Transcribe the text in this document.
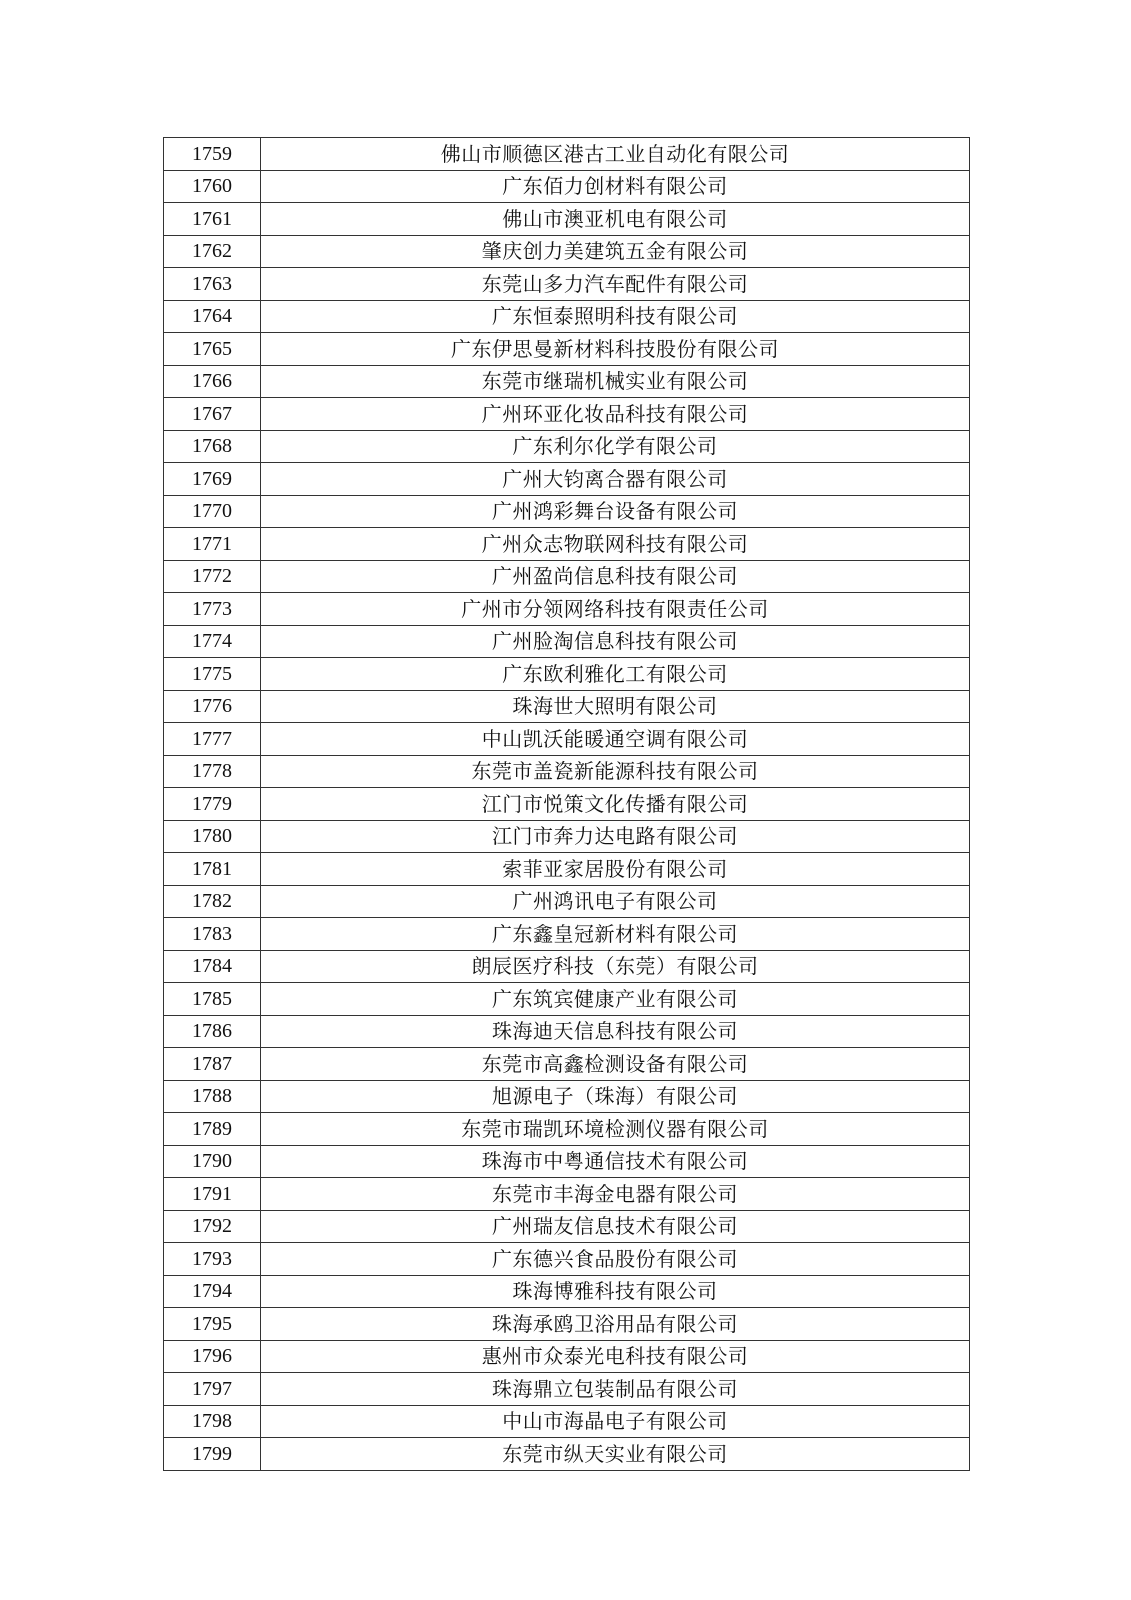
1759	佛山市顺德区港古工业自动化有限公司
1760	广东佰力创材料有限公司
1761	佛山市澳亚机电有限公司
1762	肇庆创力美建筑五金有限公司
1763	东莞山多力汽车配件有限公司
1764	广东恒泰照明科技有限公司
1765	广东伊思曼新材料科技股份有限公司
1766	东莞市继瑞机械实业有限公司
1767	广州环亚化妆品科技有限公司
1768	广东利尔化学有限公司
1769	广州大钧离合器有限公司
1770	广州鸿彩舞台设备有限公司
1771	广州众志物联网科技有限公司
1772	广州盈尚信息科技有限公司
1773	广州市分领网络科技有限责任公司
1774	广州脸淘信息科技有限公司
1775	广东欧利雅化工有限公司
1776	珠海世大照明有限公司
1777	中山凯沃能暖通空调有限公司
1778	东莞市盖瓷新能源科技有限公司
1779	江门市悦策文化传播有限公司
1780	江门市奔力达电路有限公司
1781	索菲亚家居股份有限公司
1782	广州鸿讯电子有限公司
1783	广东鑫皇冠新材料有限公司
1784	朗辰医疗科技（东莞）有限公司
1785	广东筑宾健康产业有限公司
1786	珠海迪天信息科技有限公司
1787	东莞市高鑫检测设备有限公司
1788	旭源电子（珠海）有限公司
1789	东莞市瑞凯环境检测仪器有限公司
1790	珠海市中粤通信技术有限公司
1791	东莞市丰海金电器有限公司
1792	广州瑞友信息技术有限公司
1793	广东德兴食品股份有限公司
1794	珠海博雅科技有限公司
1795	珠海承鸥卫浴用品有限公司
1796	惠州市众泰光电科技有限公司
1797	珠海鼎立包装制品有限公司
1798	中山市海晶电子有限公司
1799	东莞市纵天实业有限公司
